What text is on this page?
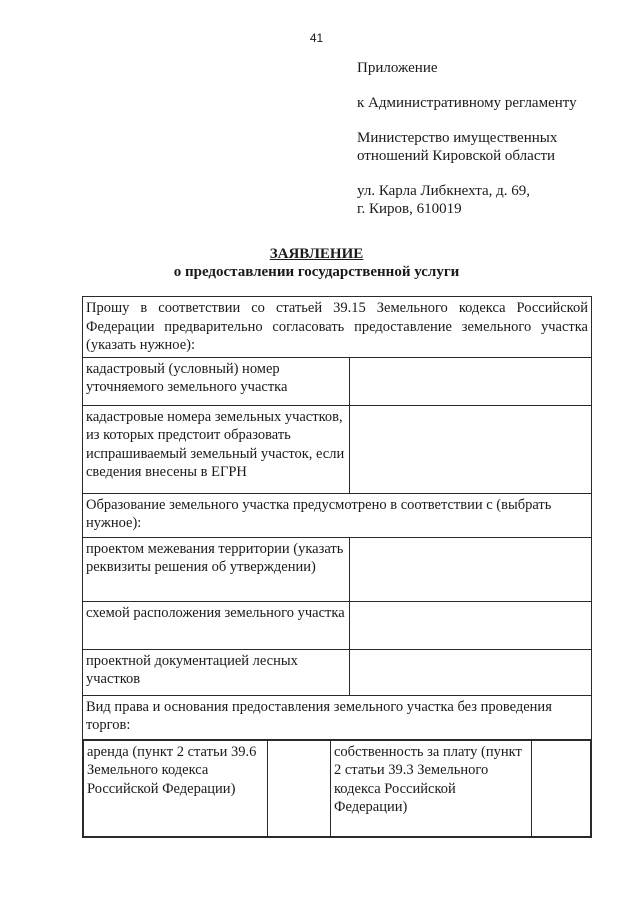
41
Приложение
к Административному регламенту
Министерство имущественных
отношений Кировской области
ул. Карла Либкнехта, д. 69,
г. Киров, 610019
ЗАЯВЛЕНИЕ
о предоставлении государственной услуги
Прошу в соответствии со статьей 39.15 Земельного кодекса Российской Федерации предварительно согласовать предоставление земельного участка (указать нужное):
кадастровый (условный) номер уточняемого земельного участка	
кадастровые номера земельных участков, из которых предстоит образовать испрашиваемый земельный участок, если сведения внесены в ЕГРН	
Образование земельного участка предусмотрено в соответствии с (выбрать нужное):
проектом межевания территории (указать реквизиты решения об утверждении)	
схемой расположения земельного участка	
проектной документацией лесных участков	
Вид права и основания предоставления земельного участка без проведения торгов:

аренда (пункт 2 статьи 39.6 Земельного кодекса Российской Федерации)		собственность за плату (пункт 2 статьи 39.3 Земельного кодекса Российской Федерации)	
